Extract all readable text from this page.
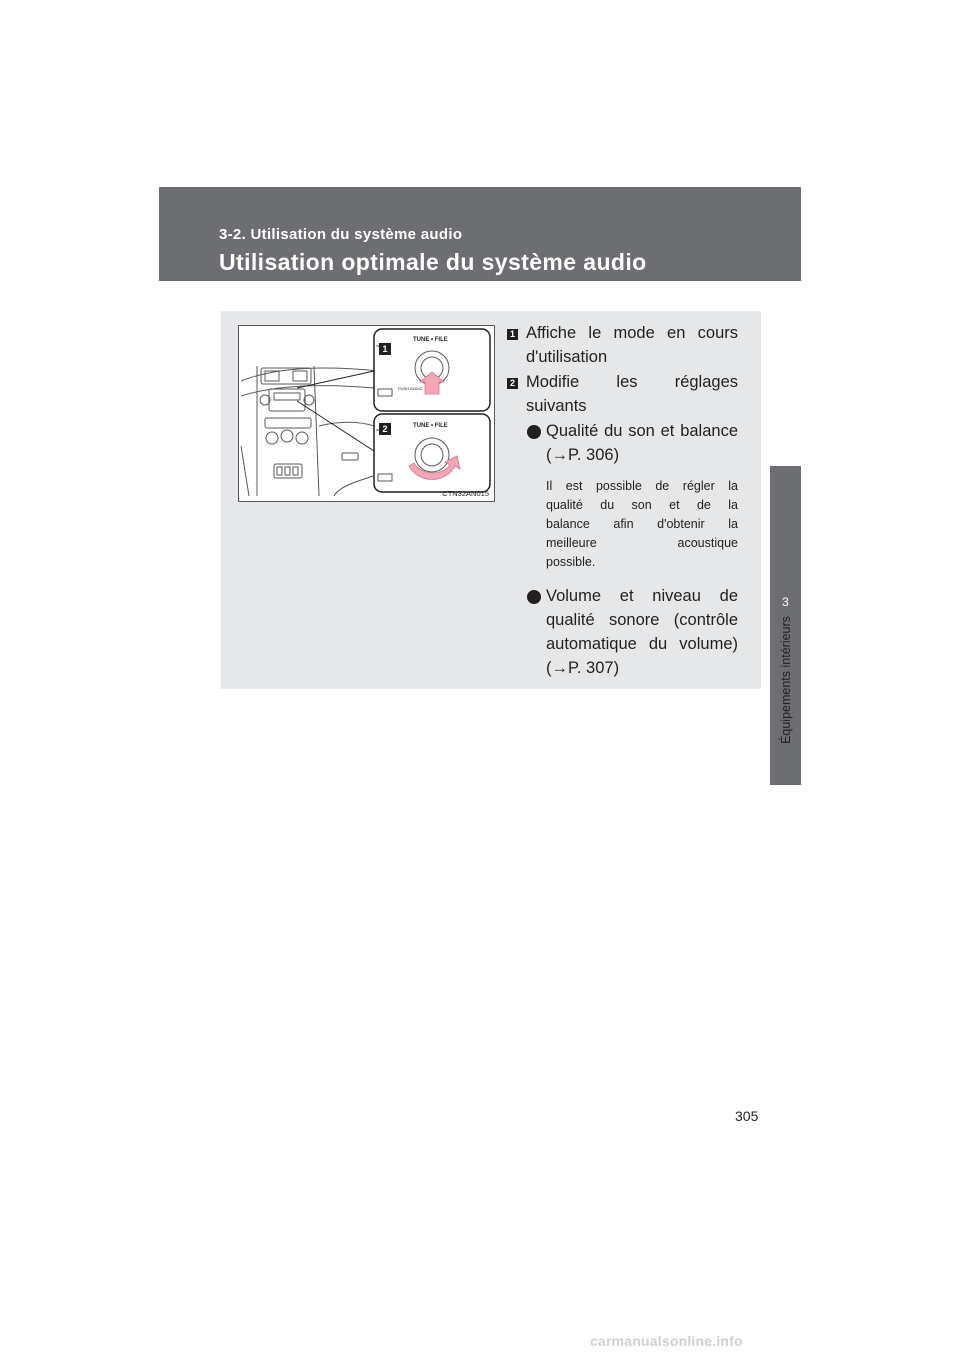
3-2. Utilisation du système audio
Utilisation optimale du système audio
3
Équipements intérieurs
TUNE • FILE
TUNE • FILE
PUSH AUDIO
1
2
CTN32AN015
1 Affiche le mode en cours
d'utilisation
2 Modifie les réglages
suivants
Qualité du son et balance
(→P. 306)
Il est possible de régler la
qualité du son et de la
balance afin d'obtenir la
meilleure acoustique
possible.
Volume et niveau de
qualité sonore (contrôle
automatique du volume)
(→P. 307)
305
carmanualsonline.info
